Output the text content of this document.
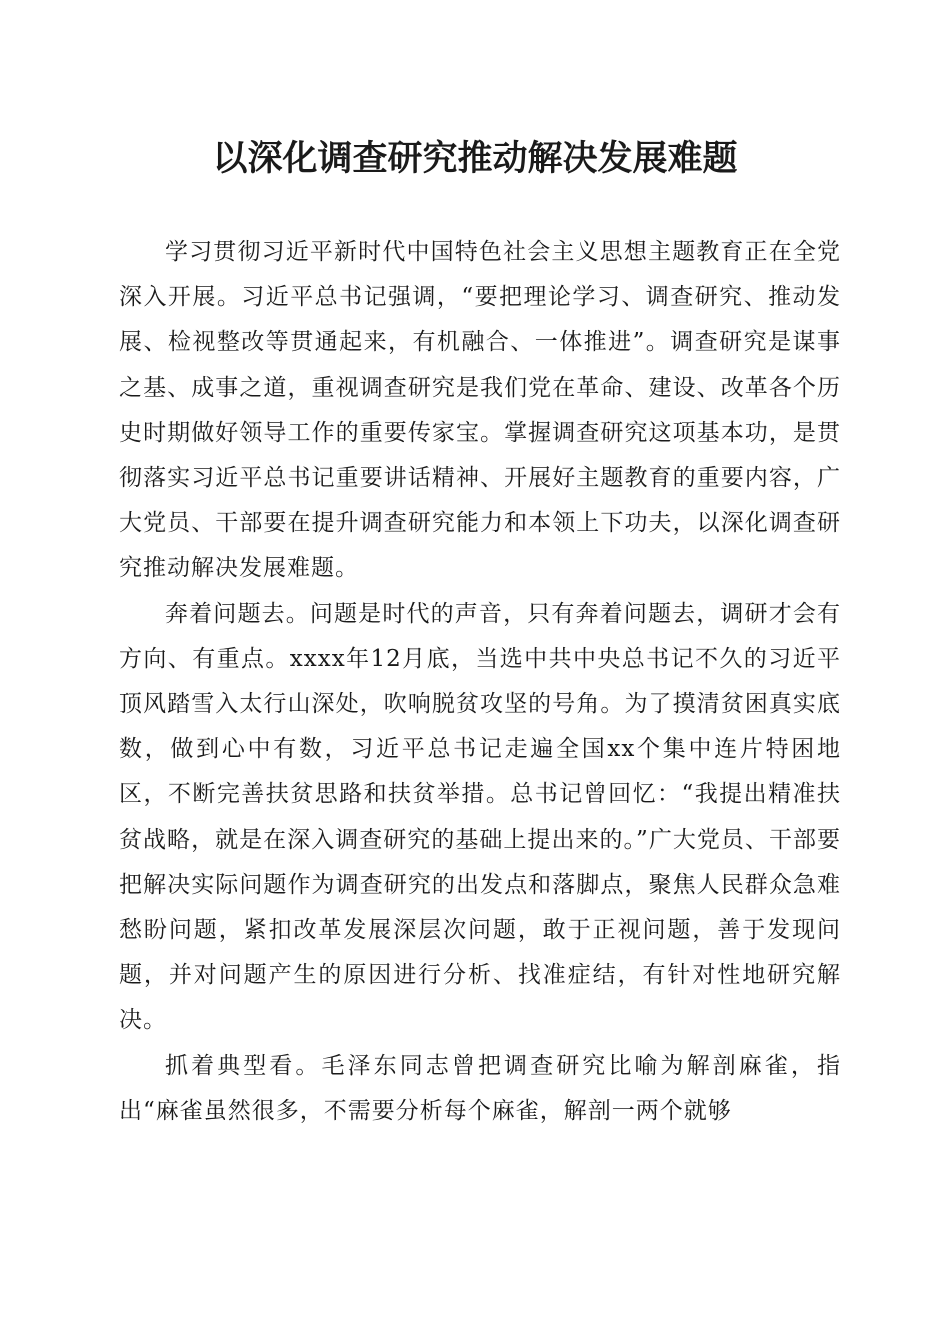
以深化调查研究推动解决发展难题

学习贯彻习近平新时代中国特色社会主义思想主题教育正在全党深入开展。习近平总书记强调，“要把理论学习、调查研究、推动发展、检视整改等贯通起来，有机融合、一体推进”。调查研究是谋事之基、成事之道，重视调查研究是我们党在革命、建设、改革各个历史时期做好领导工作的重要传家宝。掌握调查研究这项基本功，是贯彻落实习近平总书记重要讲话精神、开展好主题教育的重要内容，广大党员、干部要在提升调查研究能力和本领上下功夫，以深化调查研究推动解决发展难题。

奔着问题去。问题是时代的声音，只有奔着问题去，调研才会有方向、有重点。xxxx年12月底，当选中共中央总书记不久的习近平顶风踏雪入太行山深处，吹响脱贫攻坚的号角。为了摸清贫困真实底数，做到心中有数，习近平总书记走遍全国xx个集中连片特困地区，不断完善扶贫思路和扶贫举措。总书记曾回忆：“我提出精准扶贫战略，就是在深入调查研究的基础上提出来的。”广大党员、干部要把解决实际问题作为调查研究的出发点和落脚点，聚焦人民群众急难愁盼问题，紧扣改革发展深层次问题，敢于正视问题，善于发现问题，并对问题产生的原因进行分析、找准症结，有针对性地研究解决。

抓着典型看。毛泽东同志曾把调查研究比喻为解剖麻雀，指出“麻雀虽然很多，不需要分析每个麻雀，解剖一两个就够
